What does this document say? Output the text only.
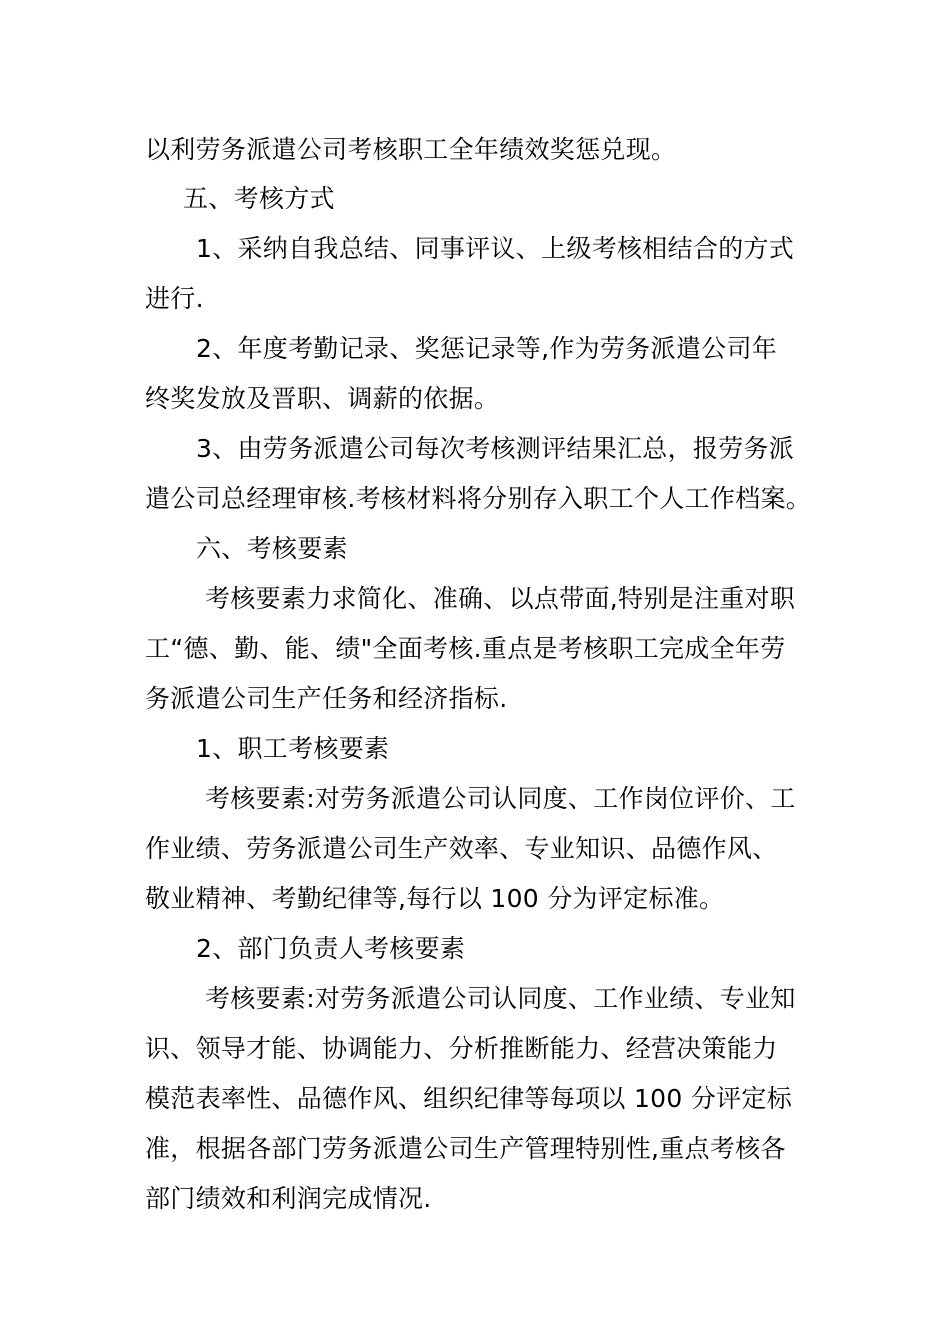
以利劳务派遣公司考核职工全年绩效奖惩兑现。

五、考核方式

1、采纳自我总结、同事评议、上级考核相结合的方式

进行.

2、年度考勤记录、奖惩记录等,作为劳务派遣公司年

终奖发放及晋职、调薪的依据。

3、由劳务派遣公司每次考核测评结果汇总，报劳务派

遣公司总经理审核.考核材料将分别存入职工个人工作档案。

六、考核要素

考核要素力求简化、准确、以点带面,特别是注重对职

工“德、勤、能、绩"全面考核.重点是考核职工完成全年劳

务派遣公司生产任务和经济指标.

1、职工考核要素

考核要素:对劳务派遣公司认同度、工作岗位评价、工

作业绩、劳务派遣公司生产效率、专业知识、品德作风、

敬业精神、考勤纪律等,每行以 100 分为评定标准。

2、部门负责人考核要素

考核要素:对劳务派遣公司认同度、工作业绩、专业知

识、领导才能、协调能力、分析推断能力、经营决策能力

模范表率性、品德作风、组织纪律等每项以 100 分评定标

准，根据各部门劳务派遣公司生产管理特别性,重点考核各

部门绩效和利润完成情况.
